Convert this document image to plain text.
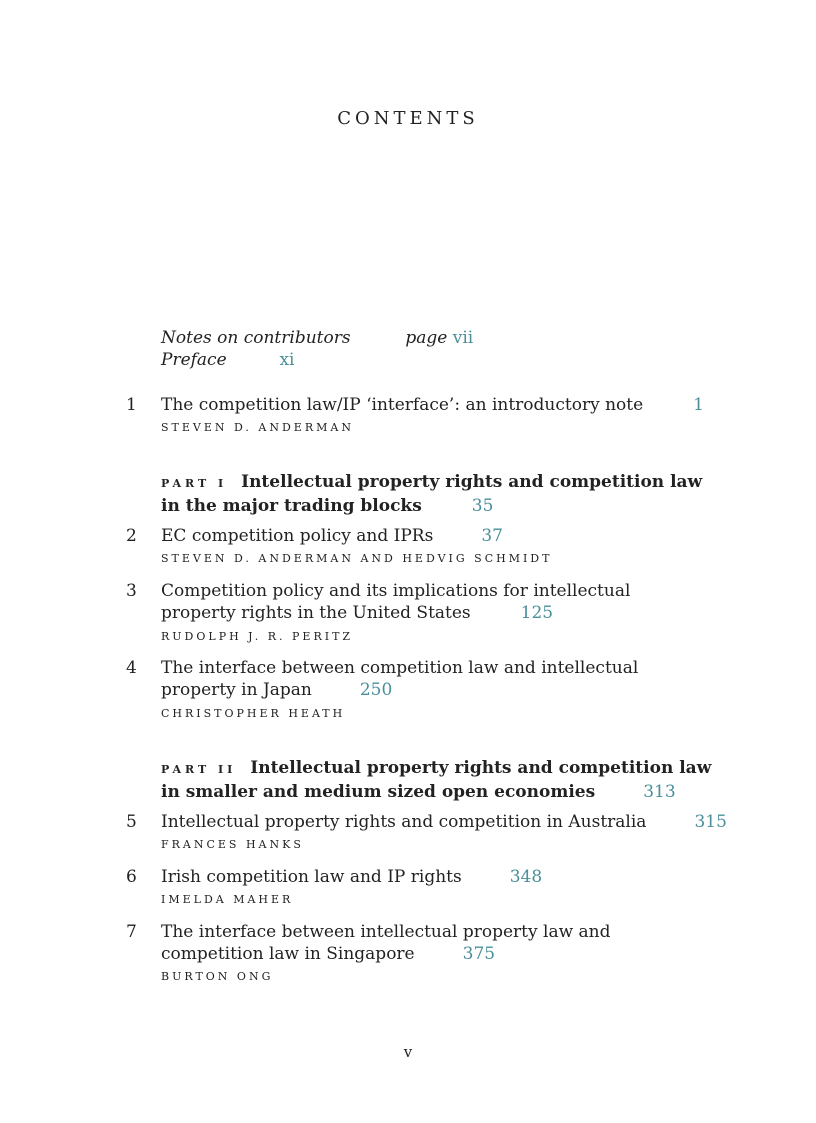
CONTENTS
Notes on contributors	page vii
Preface	xi
1 The competition law/IP ‘interface’: an introductory note	1
STEVEN D. ANDERMAN
PART I Intellectual property rights and competition law
in the major trading blocks	35
2 EC competition policy and IPRs	37
STEVEN D. ANDERMAN AND HEDVIG SCHMIDT
3 Competition policy and its implications for intellectual
property rights in the United States	125
RUDOLPH J. R. PERITZ
4 The interface between competition law and intellectual
property in Japan	250
CHRISTOPHER HEATH
PART II Intellectual property rights and competition law
in smaller and medium sized open economies	313
5 Intellectual property rights and competition in Australia	315
FRANCES HANKS
6 Irish competition law and IP rights	348
IMELDA MAHER
7 The interface between intellectual property law and
competition law in Singapore	375
BURTON ONG
v
